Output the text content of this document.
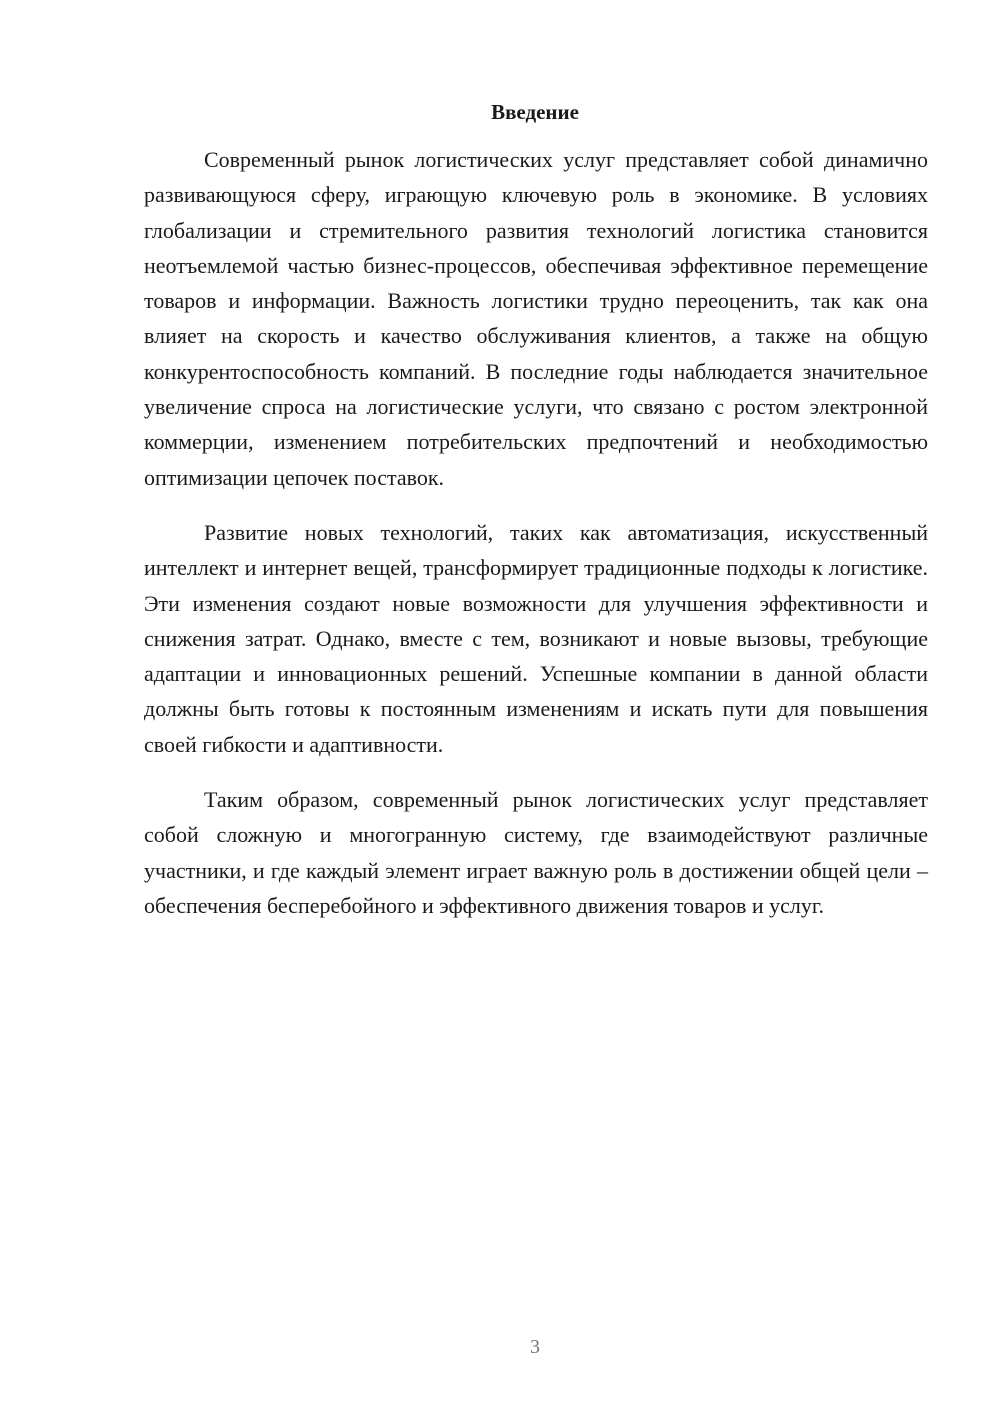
Введение

Современный рынок логистических услуг представляет собой динамично развивающуюся сферу, играющую ключевую роль в экономике. В условиях глобализации и стремительного развития технологий логистика становится неотъемлемой частью бизнес-процессов, обеспечивая эффективное перемещение товаров и информации. Важность логистики трудно переоценить, так как она влияет на скорость и качество обслуживания клиентов, а также на общую конкурентоспособность компаний. В последние годы наблюдается значительное увеличение спроса на логистические услуги, что связано с ростом электронной коммерции, изменением потребительских предпочтений и необходимостью оптимизации цепочек поставок.

Развитие новых технологий, таких как автоматизация, искусственный интеллект и интернет вещей, трансформирует традиционные подходы к логистике. Эти изменения создают новые возможности для улучшения эффективности и снижения затрат. Однако, вместе с тем, возникают и новые вызовы, требующие адаптации и инновационных решений. Успешные компании в данной области должны быть готовы к постоянным изменениям и искать пути для повышения своей гибкости и адаптивности.

Таким образом, современный рынок логистических услуг представляет собой сложную и многогранную систему, где взаимодействуют различные участники, и где каждый элемент играет важную роль в достижении общей цели – обеспечения бесперебойного и эффективного движения товаров и услуг.

3
